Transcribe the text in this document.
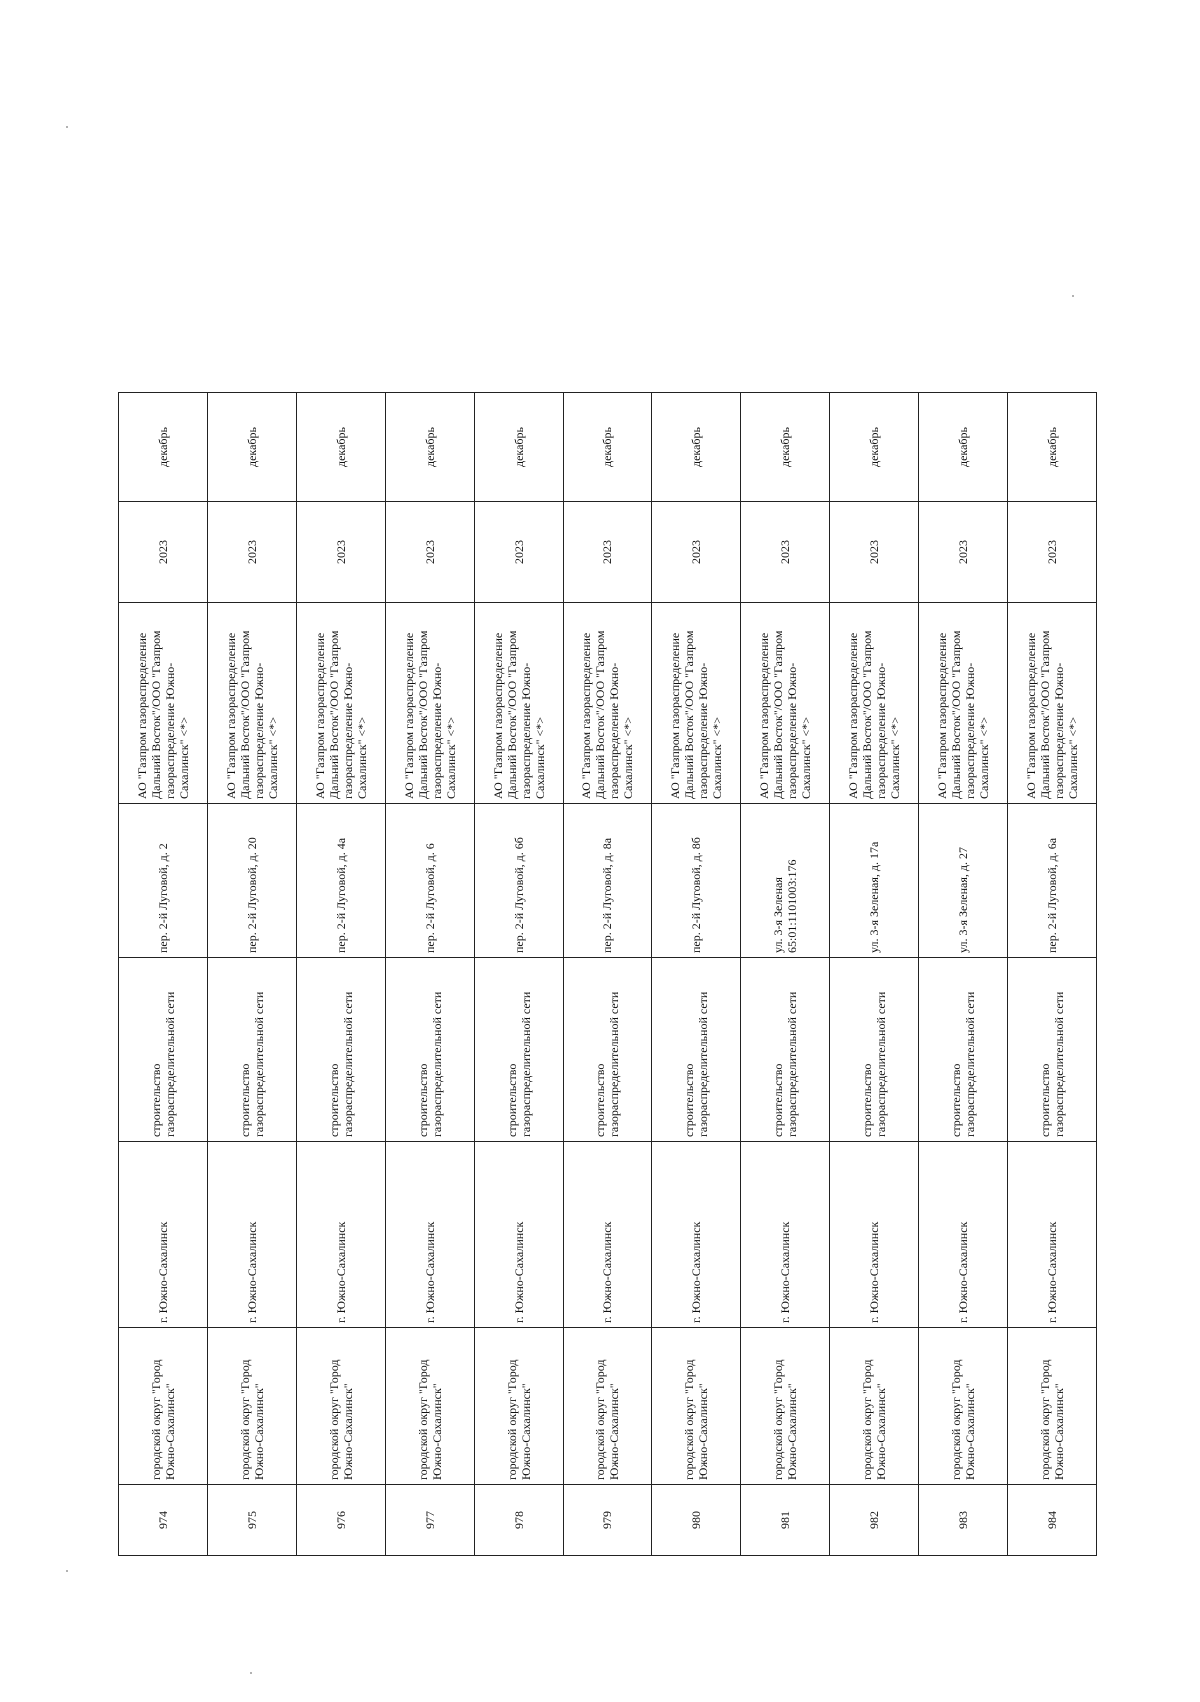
974	городской округ "Город Южно-Сахалинск"	г. Южно-Сахалинск	строительство газораспределительной сети	пер. 2-й Луговой, д. 2	АО "Газпром газораспределение Дальний Восток"/ООО "Газпром газораспределение Южно-Сахалинск" <*>	2023	декабрь
975	городской округ "Город Южно-Сахалинск"	г. Южно-Сахалинск	строительство газораспределительной сети	пер. 2-й Луговой, д. 20	АО "Газпром газораспределение Дальний Восток"/ООО "Газпром газораспределение Южно-Сахалинск" <*>	2023	декабрь
976	городской округ "Город Южно-Сахалинск"	г. Южно-Сахалинск	строительство газораспределительной сети	пер. 2-й Луговой, д. 4а	АО "Газпром газораспределение Дальний Восток"/ООО "Газпром газораспределение Южно-Сахалинск" <*>	2023	декабрь
977	городской округ "Город Южно-Сахалинск"	г. Южно-Сахалинск	строительство газораспределительной сети	пер. 2-й Луговой, д. 6	АО "Газпром газораспределение Дальний Восток"/ООО "Газпром газораспределение Южно-Сахалинск" <*>	2023	декабрь
978	городской округ "Город Южно-Сахалинск"	г. Южно-Сахалинск	строительство газораспределительной сети	пер. 2-й Луговой, д. 6б	АО "Газпром газораспределение Дальний Восток"/ООО "Газпром газораспределение Южно-Сахалинск" <*>	2023	декабрь
979	городской округ "Город Южно-Сахалинск"	г. Южно-Сахалинск	строительство газораспределительной сети	пер. 2-й Луговой, д. 8а	АО "Газпром газораспределение Дальний Восток"/ООО "Газпром газораспределение Южно-Сахалинск" <*>	2023	декабрь
980	городской округ "Город Южно-Сахалинск"	г. Южно-Сахалинск	строительство газораспределительной сети	пер. 2-й Луговой, д. 8б	АО "Газпром газораспределение Дальний Восток"/ООО "Газпром газораспределение Южно-Сахалинск" <*>	2023	декабрь
981	городской округ "Город Южно-Сахалинск"	г. Южно-Сахалинск	строительство газораспределительной сети	ул. 3-я Зеленая 65:01:1101003:176	АО "Газпром газораспределение Дальний Восток"/ООО "Газпром газораспределение Южно-Сахалинск" <*>	2023	декабрь
982	городской округ "Город Южно-Сахалинск"	г. Южно-Сахалинск	строительство газораспределительной сети	ул. 3-я Зеленая, д. 17а	АО "Газпром газораспределение Дальний Восток"/ООО "Газпром газораспределение Южно-Сахалинск" <*>	2023	декабрь
983	городской округ "Город Южно-Сахалинск"	г. Южно-Сахалинск	строительство газораспределительной сети	ул. 3-я Зеленая, д. 27	АО "Газпром газораспределение Дальний Восток"/ООО "Газпром газораспределение Южно-Сахалинск" <*>	2023	декабрь
984	городской округ "Город Южно-Сахалинск"	г. Южно-Сахалинск	строительство газораспределительной сети	пер. 2-й Луговой, д. 6а	АО "Газпром газораспределение Дальний Восток"/ООО "Газпром газораспределение Южно-Сахалинск" <*>	2023	декабрь
